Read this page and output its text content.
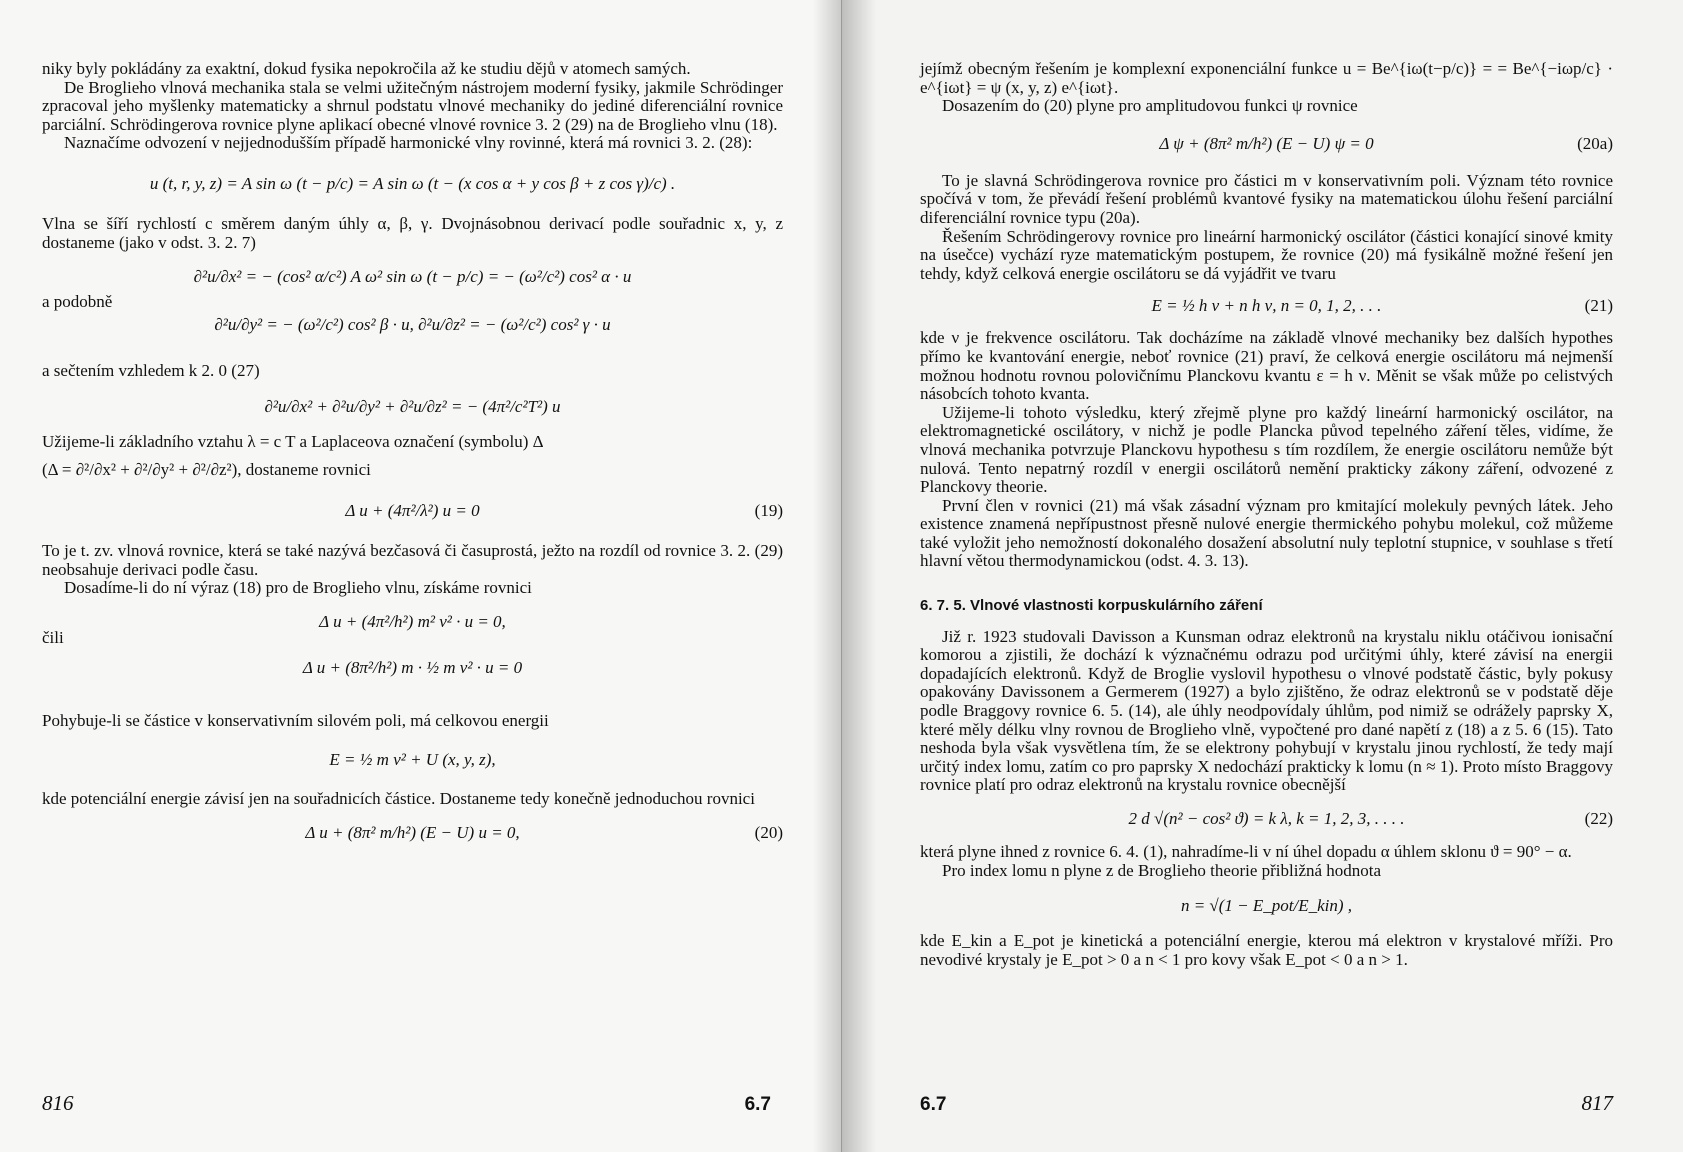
niky byly pokládány za exaktní, dokud fysika nepokročila až ke studiu dějů v atomech samých.

De Broglieho vlnová mechanika stala se velmi užitečným nástrojem moderní fysiky, jakmile Schrödinger zpracoval jeho myšlenky matematicky a shrnul podstatu vlnové mechaniky do jediné diferenciální rovnice parciální. Schrödingerova rovnice plyne aplikací obecné vlnové rovnice 3. 2 (29) na de Broglieho vlnu (18).

Naznačíme odvození v nejjednodušším případě harmonické vlny rovinné, která má rovnici 3. 2. (28):

u (t, r, y, z) = A sin ω (t − p/c) = A sin ω (t − (x cos α + y cos β + z cos γ)/c) .

Vlna se šíří rychlostí c směrem daným úhly α, β, γ. Dvojnásobnou derivací podle souřadnic x, y, z dostaneme (jako v odst. 3. 2. 7)

∂²u/∂x² = − (cos² α/c²) A ω² sin ω (t − p/c) = − (ω²/c²) cos² α · u
a podobně
∂²u/∂y² = − (ω²/c²) cos² β · u, ∂²u/∂z² = − (ω²/c²) cos² γ · u

a sečtením vzhledem k 2. 0 (27)

∂²u/∂x² + ∂²u/∂y² + ∂²u/∂z² = − (4π²/c²T²) u

Užijeme-li základního vztahu λ = c T a Laplaceova označení (symbolu) Δ

(Δ = ∂²/∂x² + ∂²/∂y² + ∂²/∂z²), dostaneme rovnici

Δ u + (4π²/λ²) u = 0	(19)

To je t. zv. vlnová rovnice, která se také nazývá bezčasová či časuprostá, ježto na rozdíl od rovnice 3. 2. (29) neobsahuje derivaci podle času.

Dosadíme-li do ní výraz (18) pro de Broglieho vlnu, získáme rovnici

Δ u + (4π²/h²) m² v² · u = 0,
čili
Δ u + (8π²/h²) m · ½ m v² · u = 0

Pohybuje-li se částice v konservativním silovém poli, má celkovou energii

E = ½ m v² + U (x, y, z),

kde potenciální energie závisí jen na souřadnicích částice. Dostaneme tedy konečně jednoduchou rovnici

Δ u + (8π² m/h²) (E − U) u = 0,	(20)
816	6.7

jejímž obecným řešením je komplexní exponenciální funkce u = Be^{iω(t−p/c)} = = Be^{−iωp/c} · e^{iωt} = ψ (x, y, z) e^{iωt}.

Dosazením do (20) plyne pro amplitudovou funkci ψ rovnice

Δ ψ + (8π² m/h²) (E − U) ψ = 0	(20a)

To je slavná Schrödingerova rovnice pro částici m v konservativním poli. Význam této rovnice spočívá v tom, že převádí řešení problémů kvantové fysiky na matematickou úlohu řešení parciální diferenciální rovnice typu (20a).

Řešením Schrödingerovy rovnice pro lineární harmonický oscilátor (částici konající sinové kmity na úsečce) vychází ryze matematickým postupem, že rovnice (20) má fysikálně možné řešení jen tehdy, když celková energie oscilátoru se dá vyjádřit ve tvaru

E = ½ h ν + n h ν, n = 0, 1, 2, . . .	(21)

kde ν je frekvence oscilátoru. Tak docházíme na základě vlnové mechaniky bez dalších hypothes přímo ke kvantování energie, neboť rovnice (21) praví, že celková energie oscilátoru má nejmenší možnou hodnotu rovnou polovičnímu Planckovu kvantu ε = h ν. Měnit se však může po celistvých násobcích tohoto kvanta.

Užijeme-li tohoto výsledku, který zřejmě plyne pro každý lineární harmonický oscilátor, na elektromagnetické oscilátory, v nichž je podle Plancka původ tepelného záření těles, vidíme, že vlnová mechanika potvrzuje Planckovu hypothesu s tím rozdílem, že energie oscilátoru nemůže být nulová. Tento nepatrný rozdíl v energii oscilátorů nemění prakticky zákony záření, odvozené z Planckovy theorie.

První člen v rovnici (21) má však zásadní význam pro kmitající molekuly pevných látek. Jeho existence znamená nepřípustnost přesně nulové energie thermického pohybu molekul, což můžeme také vyložit jeho nemožností dokonalého dosažení absolutní nuly teplotní stupnice, v souhlase s třetí hlavní větou thermodynamickou (odst. 4. 3. 13).

6. 7. 5. Vlnové vlastnosti korpuskulárního záření

Již r. 1923 studovali Davisson a Kunsman odraz elektronů na krystalu niklu otáčivou ionisační komorou a zjistili, že dochází k význačnému odrazu pod určitými úhly, které závisí na energii dopadajících elektronů. Když de Broglie vyslovil hypothesu o vlnové podstatě částic, byly pokusy opakovány Davissonem a Germerem (1927) a bylo zjištěno, že odraz elektronů se v podstatě děje podle Braggovy rovnice 6. 5. (14), ale úhly neodpovídaly úhlům, pod nimiž se odrážely paprsky X, které měly délku vlny rovnou de Broglieho vlně, vypočtené pro dané napětí z (18) a z 5. 6 (15). Tato neshoda byla však vysvětlena tím, že se elektrony pohybují v krystalu jinou rychlostí, že tedy mají určitý index lomu, zatím co pro paprsky X nedochází prakticky k lomu (n ≈ 1). Proto místo Braggovy rovnice platí pro odraz elektronů na krystalu rovnice obecnější

2 d √(n² − cos² ϑ) = k λ, k = 1, 2, 3, . . . .	(22)

která plyne ihned z rovnice 6. 4. (1), nahradíme-li v ní úhel dopadu α úhlem sklonu ϑ = 90° − α.

Pro index lomu n plyne z de Broglieho theorie přibližná hodnota

n = √(1 − E_pot/E_kin) ,

kde E_kin a E_pot je kinetická a potenciální energie, kterou má elektron v krystalové mříži. Pro nevodivé krystaly je E_pot > 0 a n < 1 pro kovy však E_pot < 0 a n > 1.

6.7	817
